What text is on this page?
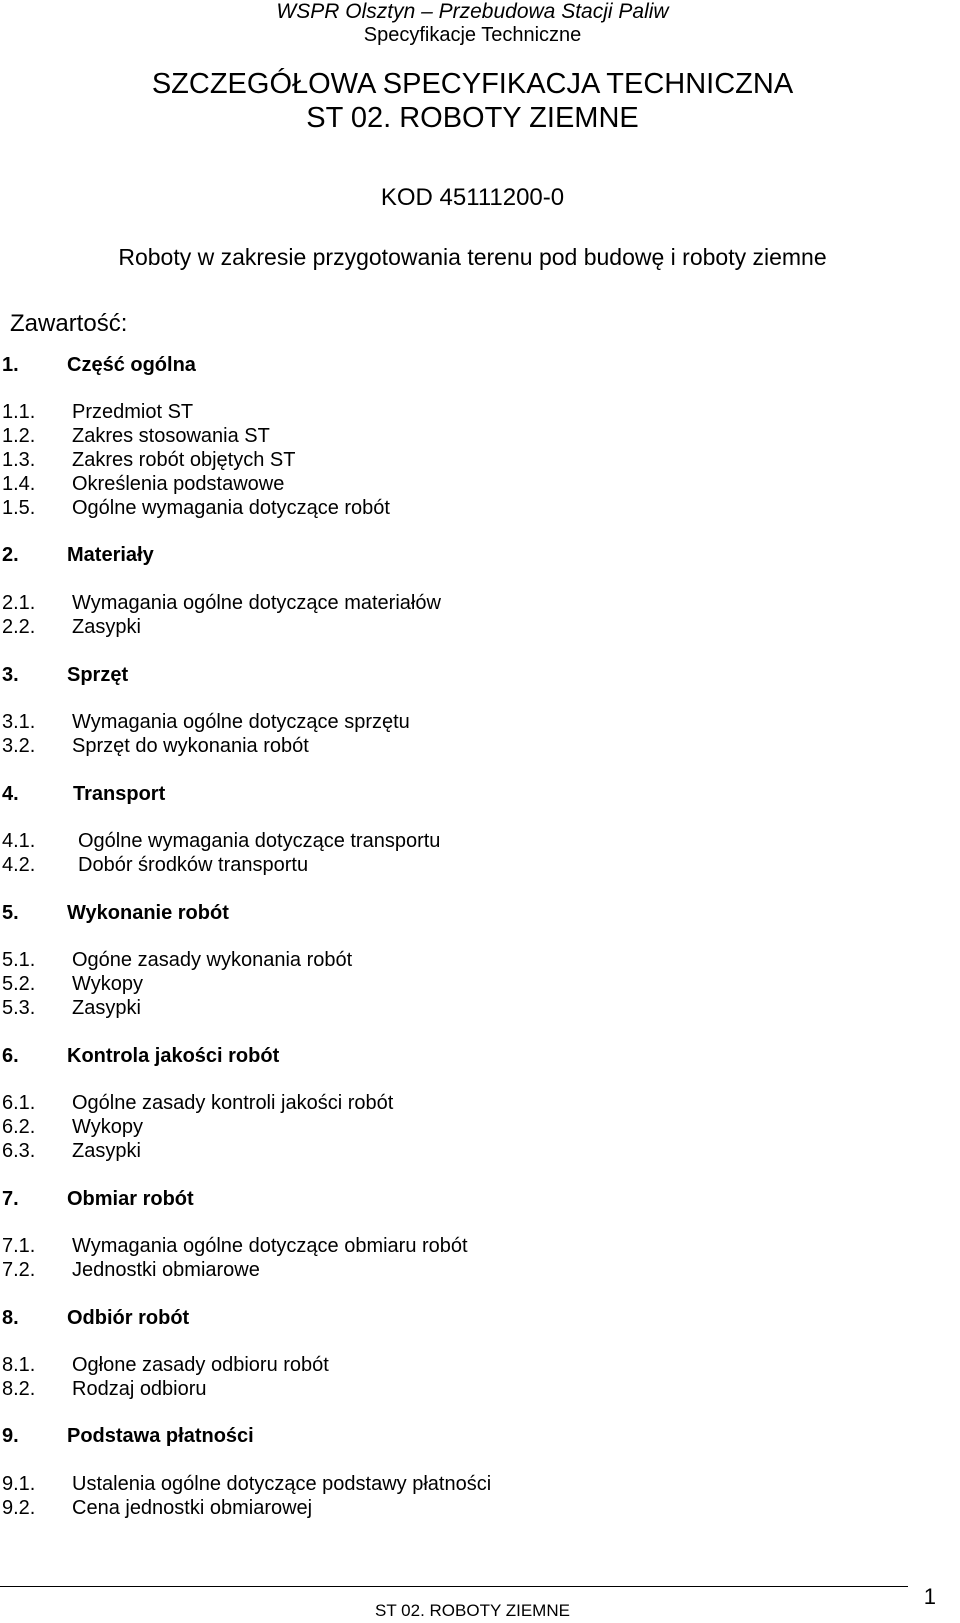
WSPR Olsztyn – Przebudowa Stacji Paliw
Specyfikacje Techniczne
SZCZEGÓŁOWA SPECYFIKACJA TECHNICZNA
ST 02. ROBOTY ZIEMNE
KOD 45111200-0
Roboty w zakresie przygotowania terenu pod budowę i roboty ziemne
Zawartość:
1. Część ogólna
1.1. Przedmiot ST
1.2. Zakres stosowania ST
1.3. Zakres robót objętych ST
1.4. Określenia podstawowe
1.5. Ogólne wymagania dotyczące robót
2. Materiały
2.1. Wymagania ogólne dotyczące materiałów
2.2. Zasypki
3. Sprzęt
3.1. Wymagania ogólne dotyczące sprzętu
3.2. Sprzęt do wykonania robót
4.	Transport
4.1. Ogólne wymagania dotyczące transportu
4.2. Dobór środków transportu
5. Wykonanie robót
5.1. Ogóne zasady wykonania robót
5.2. Wykopy
5.3. Zasypki
6. Kontrola jakości robót
6.1. Ogólne zasady kontroli jakości robót
6.2. Wykopy
6.3. Zasypki
7. Obmiar robót
7.1. Wymagania ogólne dotyczące obmiaru robót
7.2. Jednostki obmiarowe
8. Odbiór robót
8.1. Ogłone zasady odbioru robót
8.2. Rodzaj odbioru
9. Podstawa płatności
9.1. Ustalenia ogólne dotyczące podstawy płatności
9.2. Cena jednostki obmiarowej
ST 02. ROBOTY ZIEMNE
1
